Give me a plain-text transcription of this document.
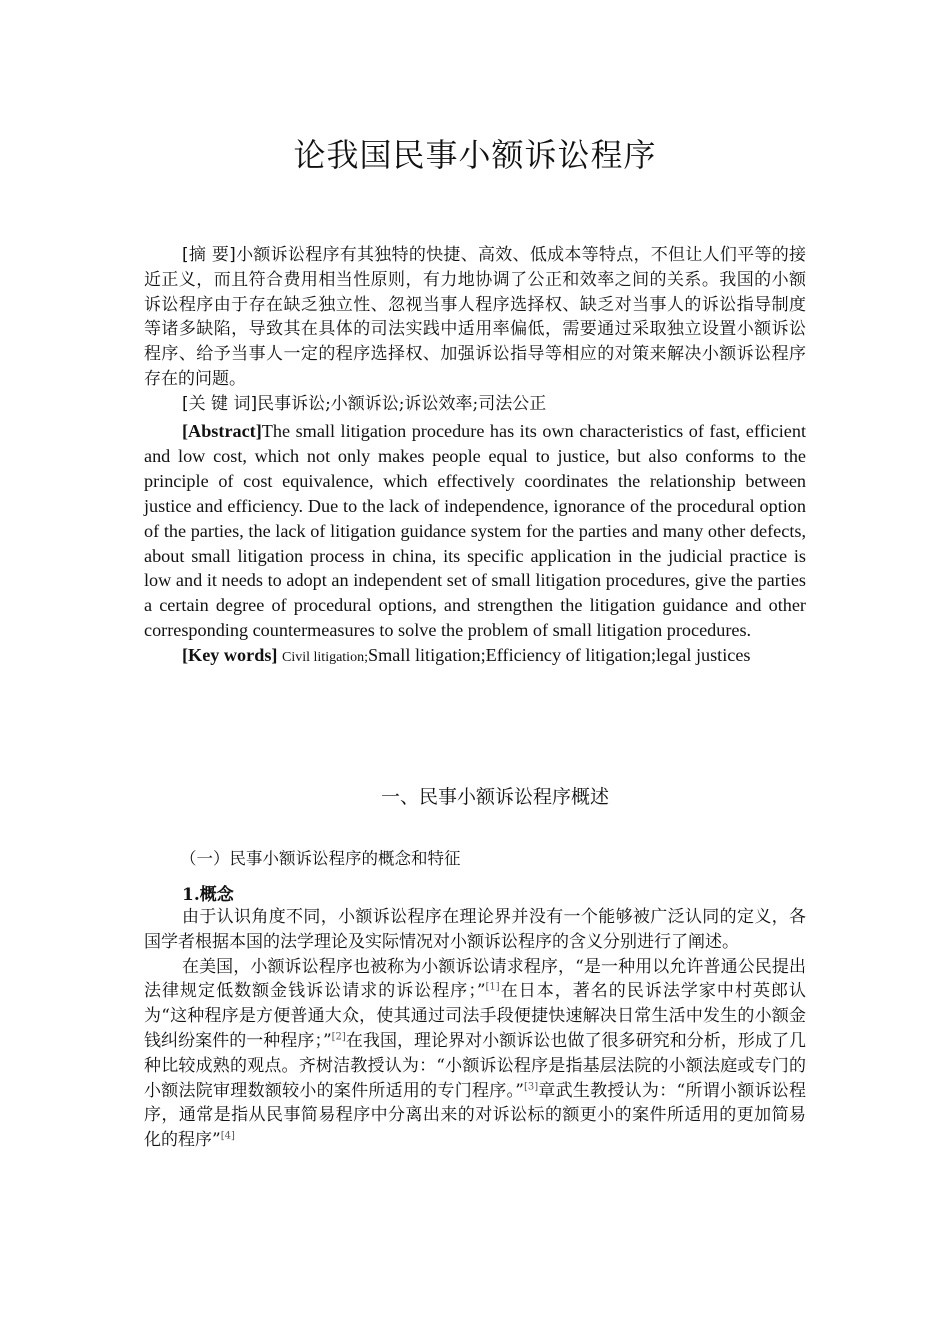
论我国民事小额诉讼程序

[摘 要]小额诉讼程序有其独特的快捷、高效、低成本等特点，不但让人们平等的接近正义，而且符合费用相当性原则，有力地协调了公正和效率之间的关系。我国的小额诉讼程序由于存在缺乏独立性、忽视当事人程序选择权、缺乏对当事人的诉讼指导制度等诸多缺陷，导致其在具体的司法实践中适用率偏低，需要通过采取独立设置小额诉讼程序、给予当事人一定的程序选择权、加强诉讼指导等相应的对策来解决小额诉讼程序存在的问题。

[关 键 词]民事诉讼;小额诉讼;诉讼效率;司法公正

[Abstract]The small litigation procedure has its own characteristics of fast, efficient and low cost, which not only makes people equal to justice, but also conforms to the principle of cost equivalence, which effectively coordinates the relationship between justice and efficiency. Due to the lack of independence, ignorance of the procedural option of the parties, the lack of litigation guidance system for the parties and many other defects, about small litigation process in china, its specific application in the judicial practice is low and it needs to adopt an independent set of small litigation procedures, give the parties a certain degree of procedural options, and strengthen the litigation guidance and other corresponding countermeasures to solve the problem of small litigation procedures.

[Key words] Civil litigation;Small litigation;Efficiency of litigation;legal justices

一、民事小额诉讼程序概述
（一）民事小额诉讼程序的概念和特征
1.概念

由于认识角度不同，小额诉讼程序在理论界并没有一个能够被广泛认同的定义，各国学者根据本国的法学理论及实际情况对小额诉讼程序的含义分别进行了阐述。

在美国，小额诉讼程序也被称为小额诉讼请求程序，“是一种用以允许普通公民提出法律规定低数额金钱诉讼请求的诉讼程序；”[1]在日本，著名的民诉法学家中村英郎认为“这种程序是方便普通大众，使其通过司法手段便捷快速解决日常生活中发生的小额金钱纠纷案件的一种程序；”[2]在我国，理论界对小额诉讼也做了很多研究和分析，形成了几种比较成熟的观点。齐树洁教授认为：“小额诉讼程序是指基层法院的小额法庭或专门的小额法院审理数额较小的案件所适用的专门程序。”[3]章武生教授认为：“所谓小额诉讼程序，通常是指从民事简易程序中分离出来的对诉讼标的额更小的案件所适用的更加简易化的程序”[4]
